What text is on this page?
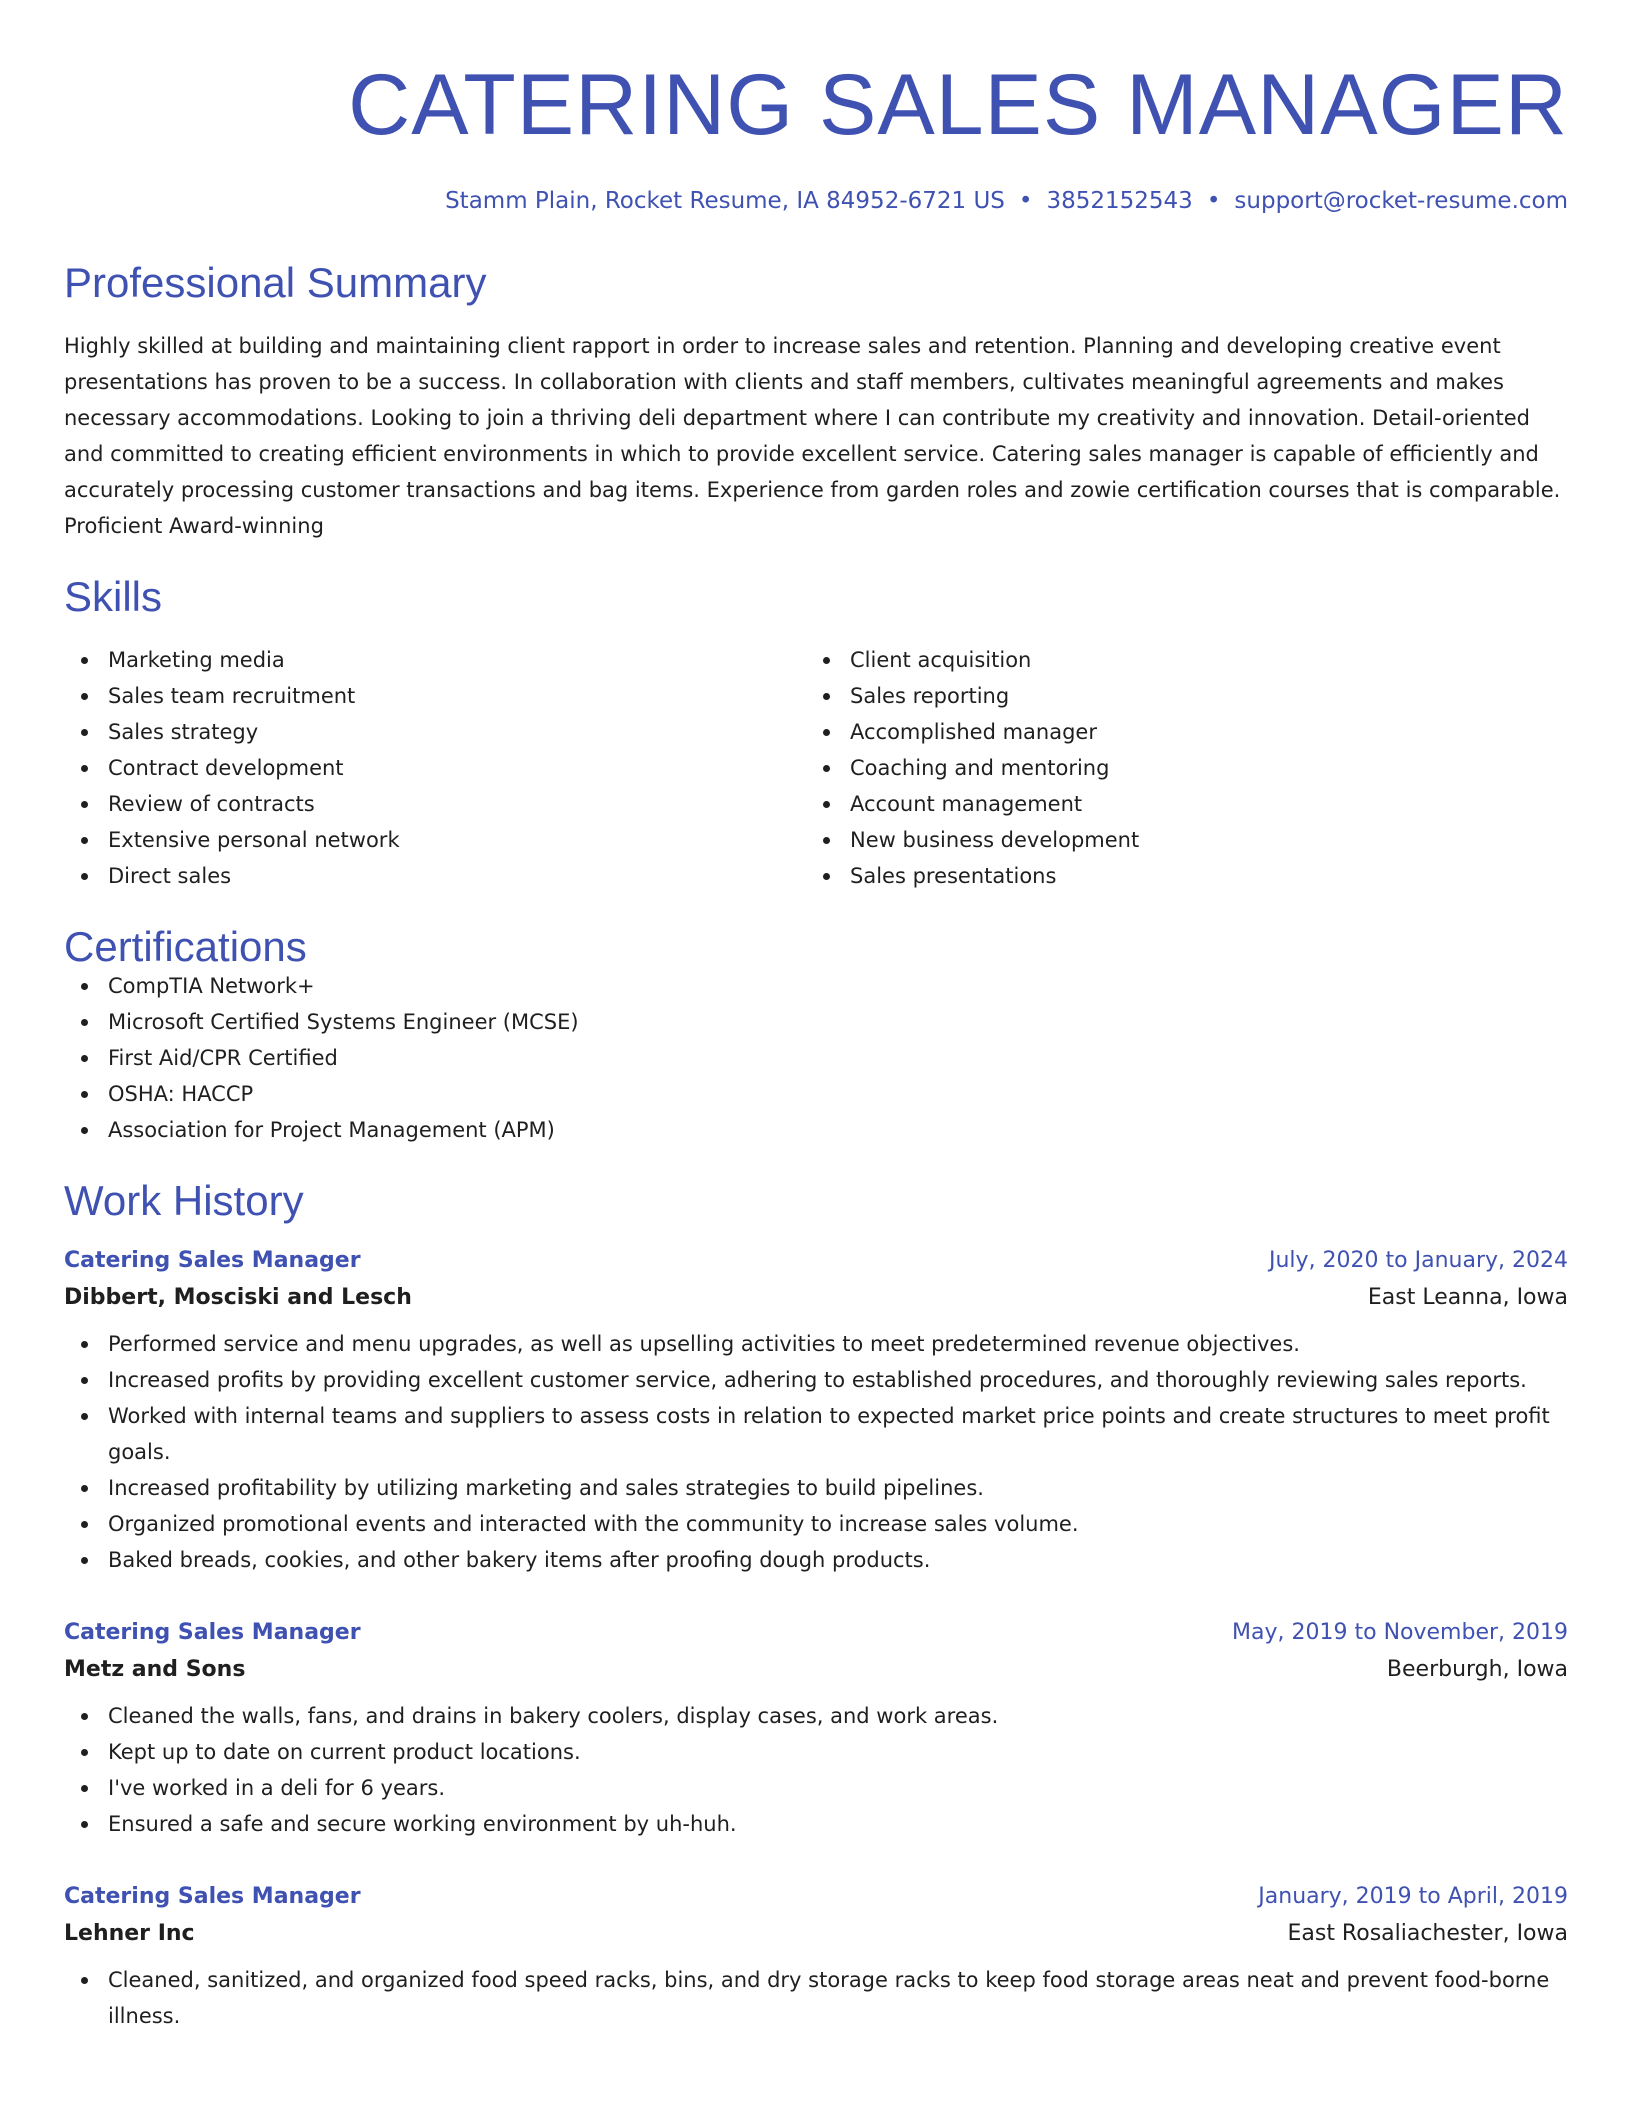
CATERING SALES MANAGER
Stamm Plain, Rocket Resume, IA 84952-6721 US • 3852152543 • support@rocket-resume.com
Professional Summary

Highly skilled at building and maintaining client rapport in order to increase sales and retention. Planning and developing creative event presentations has proven to be a success. In collaboration with clients and staff members, cultivates meaningful agreements and makes necessary accommodations. Looking to join a thriving deli department where I can contribute my creativity and innovation. Detail-oriented and committed to creating efficient environments in which to provide excellent service. Catering sales manager is capable of efficiently and accurately processing customer transactions and bag items. Experience from garden roles and zowie certification courses that is comparable. Proficient Award-winning

Skills
Marketing media
Sales team recruitment
Sales strategy
Contract development
Review of contracts
Extensive personal network
Direct sales
Client acquisition
Sales reporting
Accomplished manager
Coaching and mentoring
Account management
New business development
Sales presentations
Certifications
CompTIA Network+
Microsoft Certified Systems Engineer (MCSE)
First Aid/CPR Certified
OSHA: HACCP
Association for Project Management (APM)
Work History
Catering Sales Manager	July, 2020 to January, 2024
Dibbert, Mosciski and Lesch	East Leanna, Iowa
Performed service and menu upgrades, as well as upselling activities to meet predetermined revenue objectives.
Increased profits by providing excellent customer service, adhering to established procedures, and thoroughly reviewing sales reports.
Worked with internal teams and suppliers to assess costs in relation to expected market price points and create structures to meet profit goals.
Increased profitability by utilizing marketing and sales strategies to build pipelines.
Organized promotional events and interacted with the community to increase sales volume.
Baked breads, cookies, and other bakery items after proofing dough products.
Catering Sales Manager	May, 2019 to November, 2019
Metz and Sons	Beerburgh, Iowa
Cleaned the walls, fans, and drains in bakery coolers, display cases, and work areas.
Kept up to date on current product locations.
I've worked in a deli for 6 years.
Ensured a safe and secure working environment by uh-huh.
Catering Sales Manager	January, 2019 to April, 2019
Lehner Inc	East Rosaliachester, Iowa
Cleaned, sanitized, and organized food speed racks, bins, and dry storage racks to keep food storage areas neat and prevent food-borne illness.
